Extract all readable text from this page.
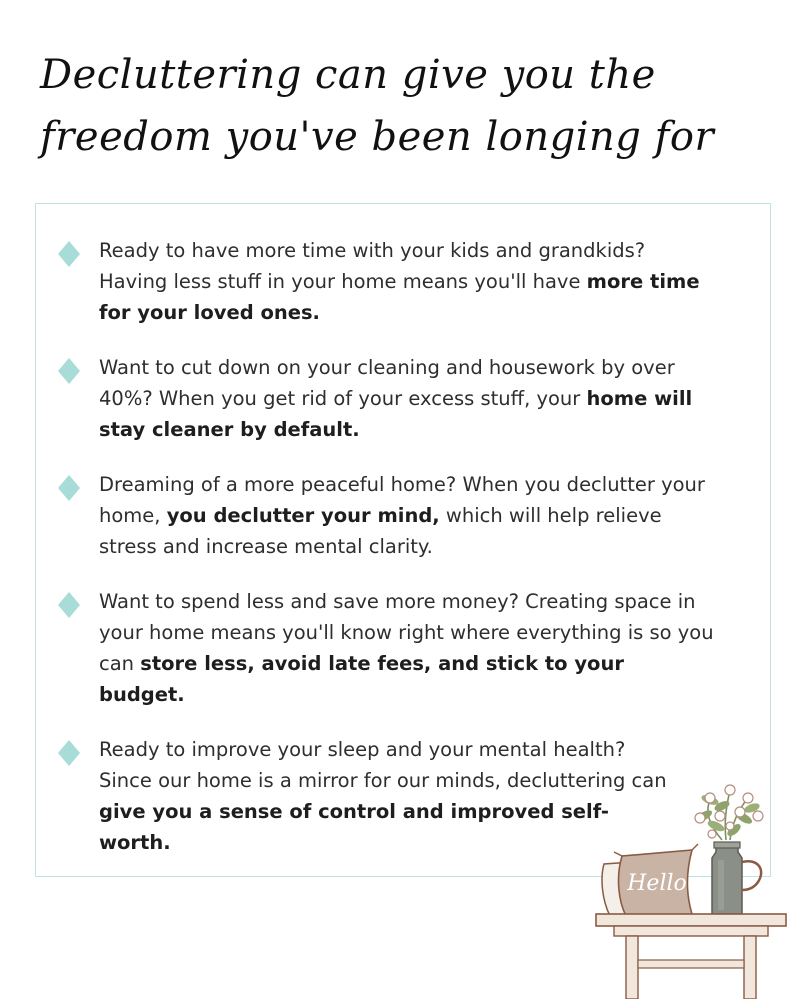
Decluttering can give you the
freedom you've been longing for
Ready to have more time with your kids and grandkids? Having less stuff in your home means you'll have more time for your loved ones.
Want to cut down on your cleaning and housework by over 40%? When you get rid of your excess stuff, your home will stay cleaner by default.
Dreaming of a more peaceful home? When you declutter your home, you declutter your mind, which will help relieve stress and increase mental clarity.
Want to spend less and save more money? Creating space in your home means you'll know right where everything is so you can store less, avoid late fees, and stick to your budget.
Ready to improve your sleep and your mental health? Since our home is a mirror for our minds, decluttering can give you a sense of control and improved self-worth.
Hello
